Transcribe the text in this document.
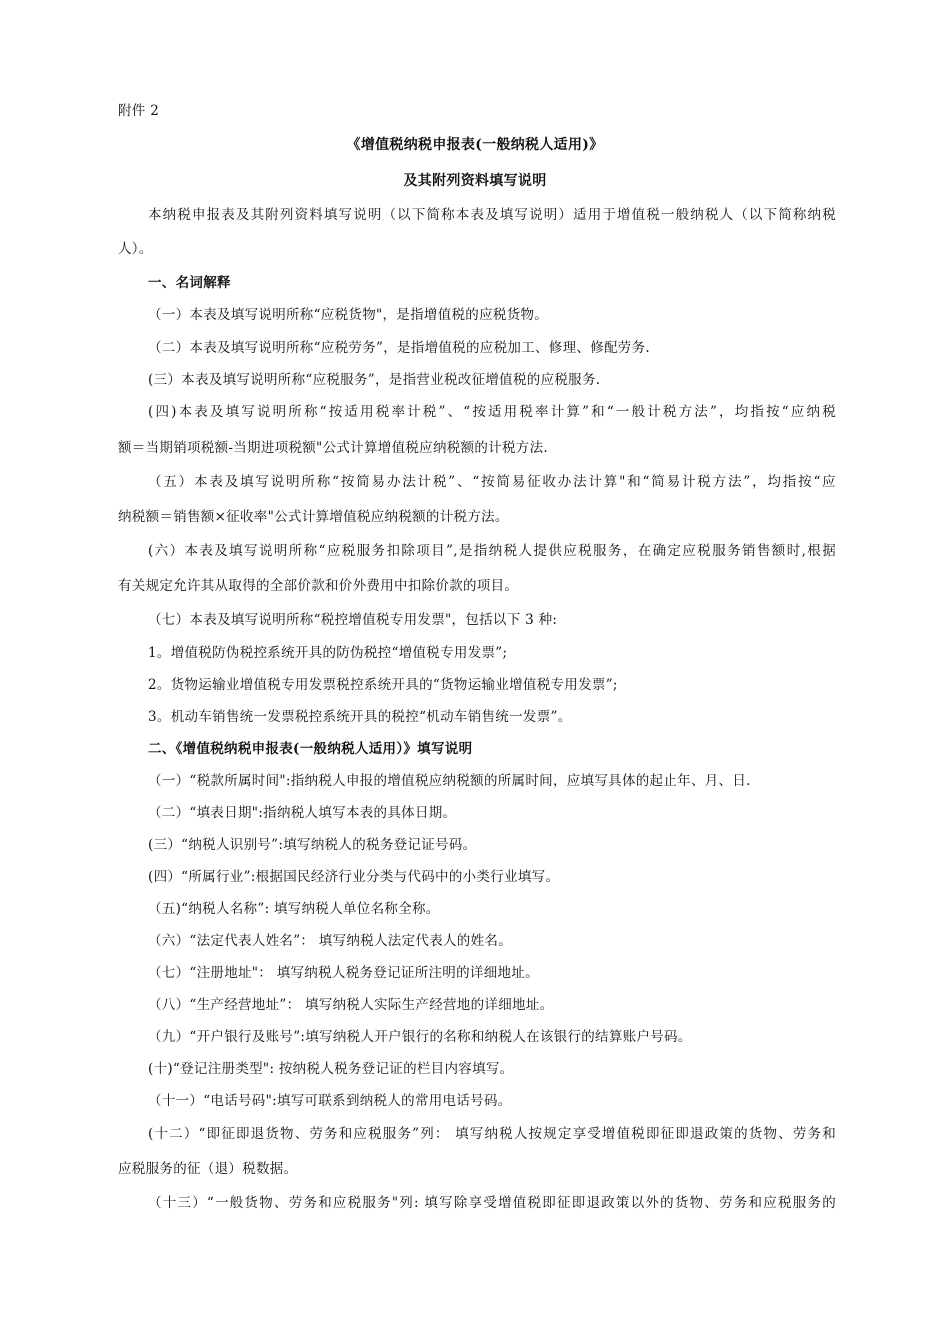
附件 2
《增值税纳税申报表(一般纳税人适用)》
及其附列资料填写说明
本纳税申报表及其附列资料填写说明（以下简称本表及填写说明）适用于增值税一般纳税人（以下简称纳税
人）。
一、名词解释
（一）本表及填写说明所称“应税货物"，是指增值税的应税货物。
（二）本表及填写说明所称“应税劳务”，是指增值税的应税加工、修理、修配劳务.
(三）本表及填写说明所称“应税服务”，是指营业税改征增值税的应税服务.
(四)本表及填写说明所称“按适用税率计税”、“按适用税率计算”和“一般计税方法”，均指按“应纳税
额＝当期销项税额-当期进项税额"公式计算增值税应纳税额的计税方法.
（五）本表及填写说明所称“按简易办法计税”、“按简易征收办法计算"和“简易计税方法”，均指按“应
纳税额＝销售额×征收率"公式计算增值税应纳税额的计税方法。
(六）本表及填写说明所称“应税服务扣除项目”,是指纳税人提供应税服务，在确定应税服务销售额时,根据
有关规定允许其从取得的全部价款和价外费用中扣除价款的项目。
（七）本表及填写说明所称“税控增值税专用发票"，包括以下 3 种:
1。增值税防伪税控系统开具的防伪税控“增值税专用发票”;
2。货物运输业增值税专用发票税控系统开具的“货物运输业增值税专用发票”;
3。机动车销售统一发票税控系统开具的税控“机动车销售统一发票”。
二、《增值税纳税申报表(一般纳税人适用）》填写说明
（一）“税款所属时间":指纳税人申报的增值税应纳税额的所属时间，应填写具体的起止年、月、日.
（二）“填表日期":指纳税人填写本表的具体日期。
(三）“纳税人识别号”:填写纳税人的税务登记证号码。
(四）“所属行业”:根据国民经济行业分类与代码中的小类行业填写。
（五)“纳税人名称”: 填写纳税人单位名称全称。
（六）“法定代表人姓名”： 填写纳税人法定代表人的姓名。
（七）“注册地址"： 填写纳税人税务登记证所注明的详细地址。
（八）“生产经营地址”： 填写纳税人实际生产经营地的详细地址。
（九）“开户银行及账号”:填写纳税人开户银行的名称和纳税人在该银行的结算账户号码。
(十)“登记注册类型": 按纳税人税务登记证的栏目内容填写。
（十一）“电话号码":填写可联系到纳税人的常用电话号码。
(十二）“即征即退货物、劳务和应税服务”列： 填写纳税人按规定享受增值税即征即退政策的货物、劳务和
应税服务的征（退）税数据。
（十三）“一般货物、劳务和应税服务"列: 填写除享受增值税即征即退政策以外的货物、劳务和应税服务的
